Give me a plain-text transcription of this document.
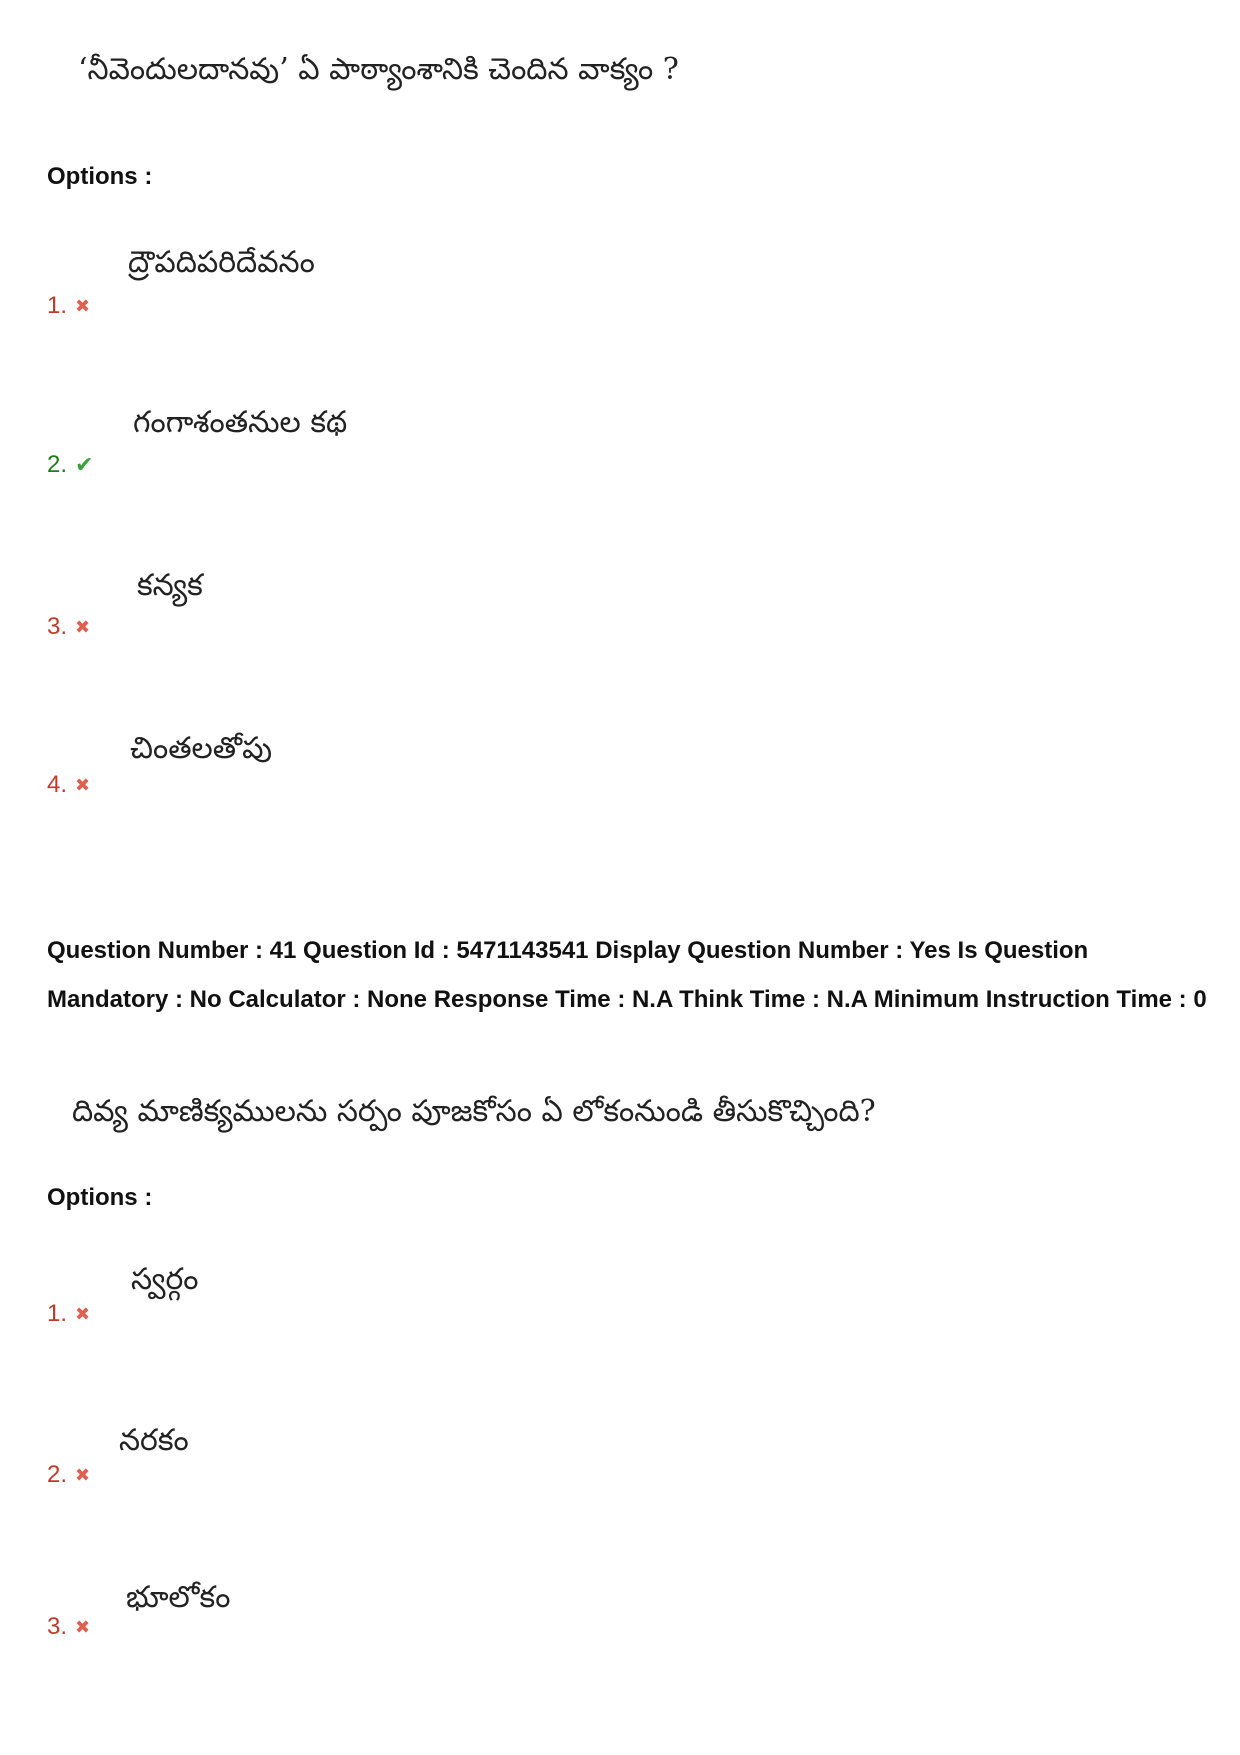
‘నీవెందులదానవు’ ఏ పాఠ్యాంశానికి చెందిన వాక్యం ?
Options :
ద్రౌపదిపరిదేవనం
1. ✖
గంగాశంతనుల కథ
2. ✔
కన్యక
3. ✖
చింతలతోపు
4. ✖
Question Number : 41 Question Id : 5471143541 Display Question Number : Yes Is Question Mandatory : No Calculator : None Response Time : N.A Think Time : N.A Minimum Instruction Time : 0
దివ్య మాణిక్యములను సర్పం పూజకోసం ఏ లోకంనుండి తీసుకొచ్చింది?
Options :
స్వర్గం
1. ✖
నరకం
2. ✖
భూలోకం
3. ✖
